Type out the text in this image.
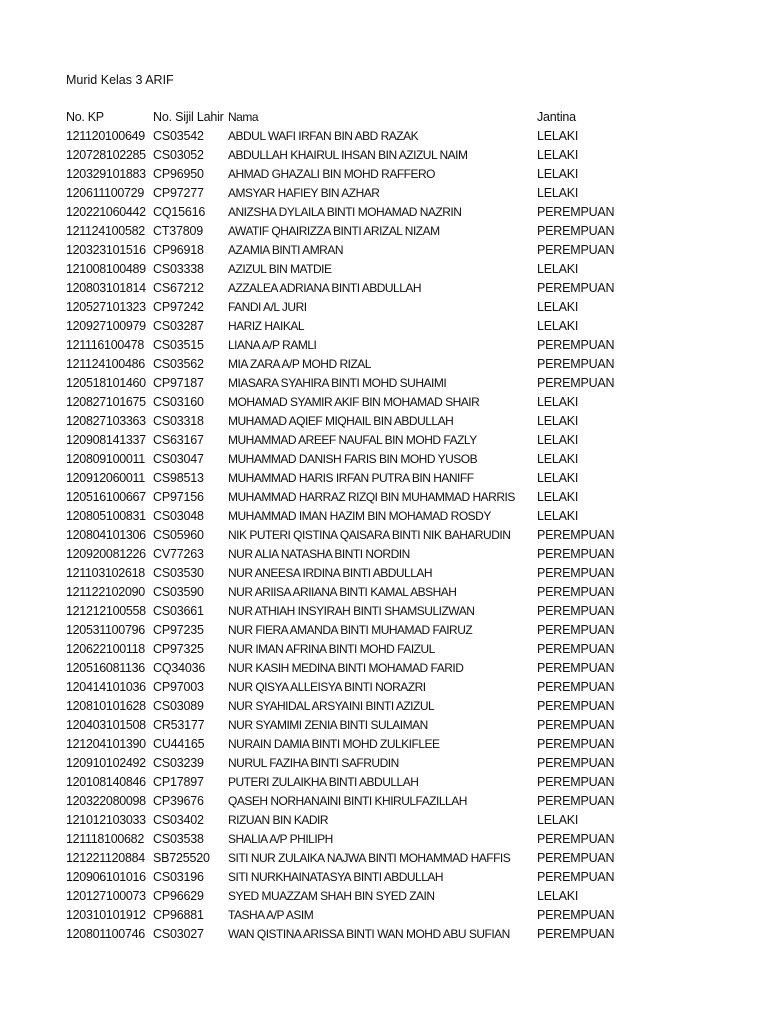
Murid Kelas 3 ARIF
No. KP	No. Sijil Lahir Nama	Jantina
121120100649 CS03542	ABDUL WAFI IRFAN BIN ABD RAZAK	LELAKI
120728102285 CS03052	ABDULLAH KHAIRUL IHSAN BIN AZIZUL NAIM	LELAKI
120329101883 CP96950	AHMAD GHAZALI BIN MOHD RAFFERO	LELAKI
120611100729 CP97277	AMSYAR HAFIEY BIN AZHAR	LELAKI
120221060442 CQ15616	ANIZSHA DYLAILA BINTI MOHAMAD NAZRIN	PEREMPUAN
121124100582 CT37809	AWATIF QHAIRIZZA BINTI ARIZAL NIZAM	PEREMPUAN
120323101516 CP96918	AZAMIA BINTI AMRAN	PEREMPUAN
121008100489 CS03338	AZIZUL BIN MATDIE	LELAKI
120803101814 CS67212	AZZALEA ADRIANA BINTI ABDULLAH	PEREMPUAN
120527101323 CP97242	FANDI A/L JURI	LELAKI
120927100979 CS03287	HARIZ HAIKAL	LELAKI
121116100478 CS03515	LIANA A/P RAMLI	PEREMPUAN
121124100486 CS03562	MIA ZARA A/P MOHD RIZAL	PEREMPUAN
120518101460 CP97187	MIASARA SYAHIRA BINTI MOHD SUHAIMI	PEREMPUAN
120827101675 CS03160	MOHAMAD SYAMIR AKIF BIN MOHAMAD SHAIR	LELAKI
120827103363 CS03318	MUHAMAD AQIEF MIQHAIL BIN ABDULLAH	LELAKI
120908141337 CS63167	MUHAMMAD AREEF NAUFAL BIN MOHD FAZLY	LELAKI
120809100011 CS03047	MUHAMMAD DANISH FARIS BIN MOHD YUSOB	LELAKI
120912060011 CS98513	MUHAMMAD HARIS IRFAN PUTRA BIN HANIFF	LELAKI
120516100667 CP97156	MUHAMMAD HARRAZ RIZQI BIN MUHAMMAD HARRIS	LELAKI
120805100831 CS03048	MUHAMMAD IMAN HAZIM BIN MOHAMAD ROSDY	LELAKI
120804101306 CS05960	NIK PUTERI QISTINA QAISARA BINTI NIK BAHARUDIN	PEREMPUAN
120920081226 CV77263	NUR ALIA NATASHA BINTI NORDIN	PEREMPUAN
121103102618 CS03530	NUR ANEESA IRDINA BINTI ABDULLAH	PEREMPUAN
121122102090 CS03590	NUR ARIISA ARIIANA BINTI KAMAL ABSHAH	PEREMPUAN
121212100558 CS03661	NUR ATHIAH INSYIRAH BINTI SHAMSULIZWAN	PEREMPUAN
120531100796 CP97235	NUR FIERA AMANDA BINTI MUHAMAD FAIRUZ	PEREMPUAN
120622100118 CP97325	NUR IMAN AFRINA BINTI MOHD FAIZUL	PEREMPUAN
120516081136 CQ34036	NUR KASIH MEDINA BINTI MOHAMAD FARID	PEREMPUAN
120414101036 CP97003	NUR QISYA ALLEISYA BINTI NORAZRI	PEREMPUAN
120810101628 CS03089	NUR SYAHIDAL ARSYAINI BINTI AZIZUL	PEREMPUAN
120403101508 CR53177	NUR SYAMIMI ZENIA BINTI SULAIMAN	PEREMPUAN
121204101390 CU44165	NURAIN DAMIA BINTI MOHD ZULKIFLEE	PEREMPUAN
120910102492 CS03239	NURUL FAZIHA BINTI SAFRUDIN	PEREMPUAN
120108140846 CP17897	PUTERI ZULAIKHA BINTI ABDULLAH	PEREMPUAN
120322080098 CP39676	QASEH NORHANAINI BINTI KHIRULFAZILLAH	PEREMPUAN
121012103033 CS03402	RIZUAN BIN KADIR	LELAKI
121118100682 CS03538	SHALIA A/P PHILIPH	PEREMPUAN
121221120884 SB725520	SITI NUR ZULAIKA NAJWA BINTI MOHAMMAD HAFFIS	PEREMPUAN
120906101016 CS03196	SITI NURKHAINATASYA BINTI ABDULLAH	PEREMPUAN
120127100073 CP96629	SYED MUAZZAM SHAH BIN SYED ZAIN	LELAKI
120310101912 CP96881	TASHA A/P ASIM	PEREMPUAN
120801100746 CS03027	WAN QISTINA ARISSA BINTI WAN MOHD ABU SUFIAN	PEREMPUAN
